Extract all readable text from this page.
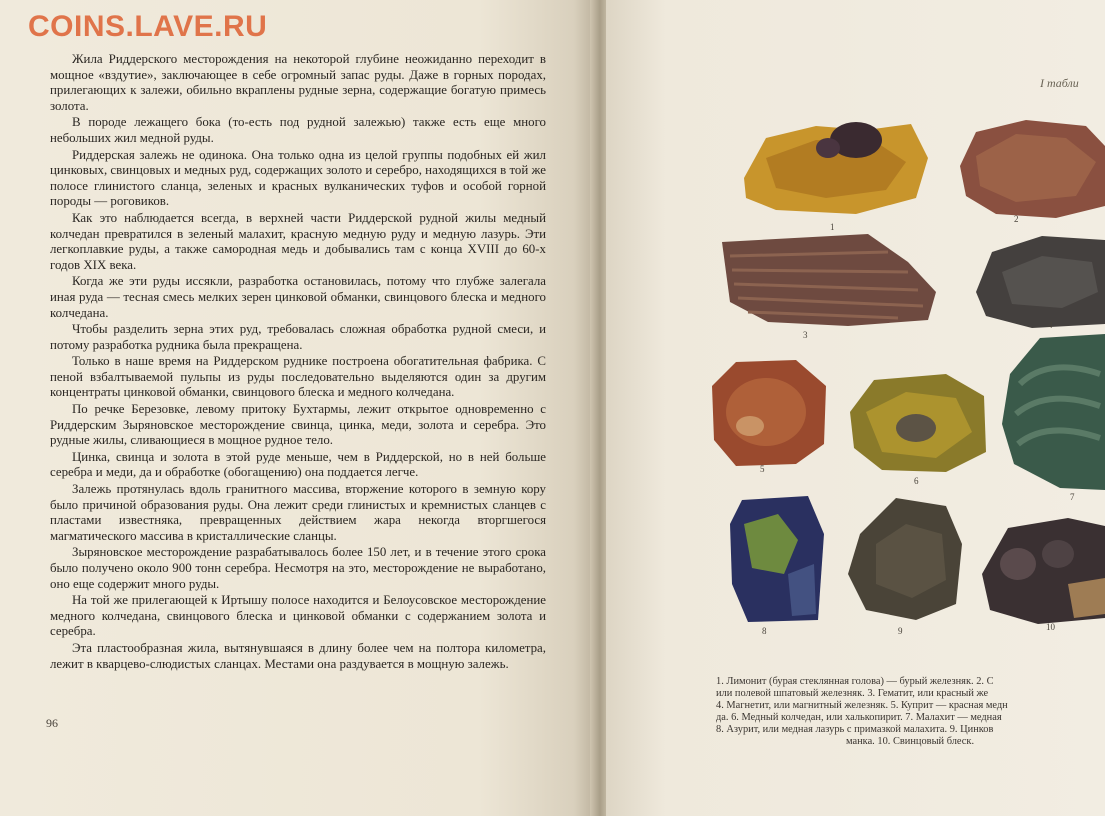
COINS.LAVE.RU

Жила Риддерского месторождения на некоторой глубине неожиданно переходит в мощное «вздутие», заключающее в себе огромный запас руды. Даже в горных породах, прилегающих к залежи, обильно вкраплены рудные зерна, содержащие богатую примесь золота.

В породе лежащего бока (то-есть под рудной залежью) также есть еще много небольших жил медной руды.

Риддерская залежь не одинока. Она только одна из целой группы подобных ей жил цинковых, свинцовых и медных руд, содержащих золото и серебро, находящихся в той же полосе глинистого сланца, зеленых и красных вулканических туфов и особой горной породы — роговиков.

Как это наблюдается всегда, в верхней части Риддерской рудной жилы медный колчедан превратился в зеленый малахит, красную медную руду и медную лазурь. Эти легкоплавкие руды, а также самородная медь и добывались там с конца XVIII до 60-х годов XIX века.

Когда же эти руды иссякли, разработка остановилась, потому что глубже залегала иная руда — тесная смесь мелких зерен цинковой обманки, свинцового блеска и медного колчедана.

Чтобы разделить зерна этих руд, требовалась сложная обработка рудной смеси, и потому разработка рудника была прекращена.

Только в наше время на Риддерском руднике построена обогатительная фабрика. С пеной взбалтываемой пульпы из руды последовательно выделяются один за другим концентраты цинковой обманки, свинцового блеска и медного колчедана.

По речке Березовке, левому притоку Бухтармы, лежит открытое одновременно с Риддерским Зыряновское месторождение свинца, цинка, меди, золота и серебра. Это рудные жилы, сливающиеся в мощное рудное тело.

Цинка, свинца и золота в этой руде меньше, чем в Риддерской, но в ней больше серебра и меди, да и обработке (обогащению) она поддается легче.

Залежь протянулась вдоль гранитного массива, вторжение которого в земную кору было причиной образования руды. Она лежит среди глинистых и кремнистых сланцев с пластами известняка, превращенных действием жара некогда вторгшегося магматического массива в кристаллические сланцы.

Зыряновское месторождение разрабатывалось более 150 лет, и в течение этого срока было получено около 900 тонн серебра. Несмотря на это, месторождение не выработано, оно еще содержит много руды.

На той же прилегающей к Иртышу полосе находится и Белоусовское месторождение медного колчедана, свинцового блеска и цинковой обманки с содержанием золота и серебра.

Эта пластообразная жила, вытянувшаяся в длину более чем на полтора километра, лежит в кварцево-слюдистых сланцах. Местами она раздувается в мощную залежь.

96
I табли
1
2
3
4
5
6
7
8	9	10
1. Лимонит (бурая стеклянная голова) — бурый железняк. 2. С
или полевой шпатовый железняк. 3. Гематит, или красный же
4. Магнетит, или магнитный железняк. 5. Куприт — красная медн
да. 6. Медный колчедан, или халькопирит. 7. Малахит — медная
8. Азурит, или медная лазурь с примазкой малахита. 9. Цинков
манка. 10. Свинцовый блеск.
